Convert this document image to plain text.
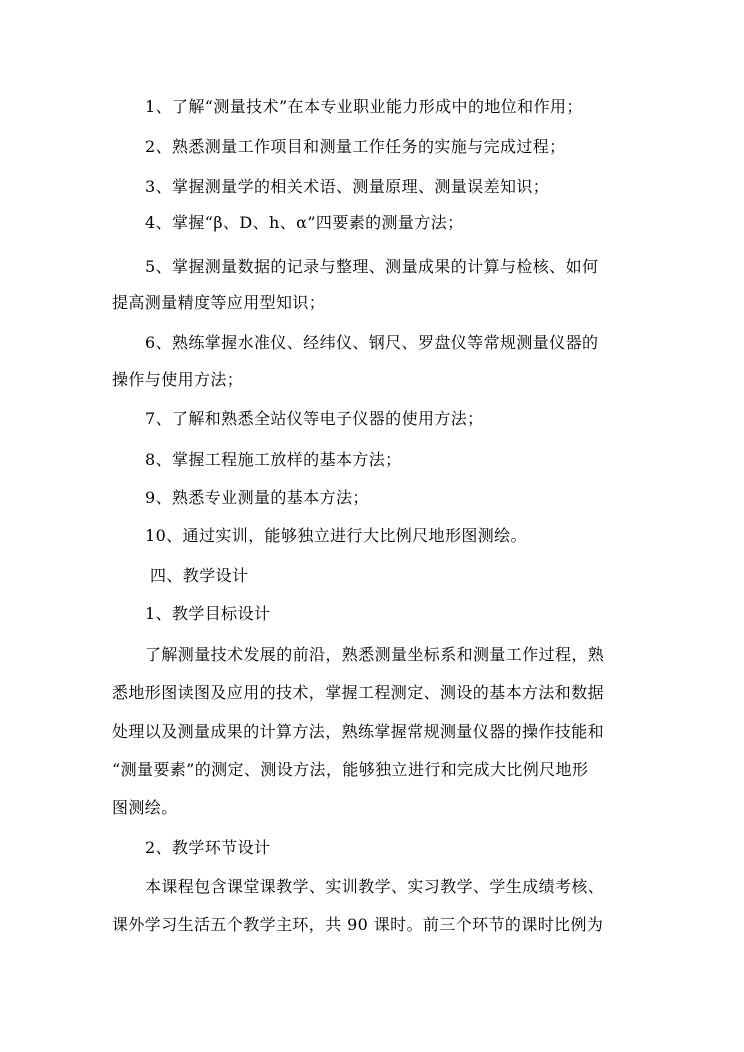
1、了解“测量技术”在本专业职业能力形成中的地位和作用；
2、熟悉测量工作项目和测量工作任务的实施与完成过程；
3、掌握测量学的相关术语、测量原理、测量误差知识；
4、掌握“β、D、h、α”四要素的测量方法；
5、掌握测量数据的记录与整理、测量成果的计算与检核、如何
提高测量精度等应用型知识；
6、熟练掌握水准仪、经纬仪、钢尺、罗盘仪等常规测量仪器的
操作与使用方法；
7、了解和熟悉全站仪等电子仪器的使用方法；
8、掌握工程施工放样的基本方法；
9、熟悉专业测量的基本方法；
10、通过实训，能够独立进行大比例尺地形图测绘。
四、教学设计
1、教学目标设计
了解测量技术发展的前沿，熟悉测量坐标系和测量工作过程，熟
悉地形图读图及应用的技术，掌握工程测定、测设的基本方法和数据
处理以及测量成果的计算方法，熟练掌握常规测量仪器的操作技能和
“测量要素”的测定、测设方法，能够独立进行和完成大比例尺地形
图测绘。
2、教学环节设计
本课程包含课堂课教学、实训教学、实习教学、学生成绩考核、
课外学习生活五个教学主环，共 90 课时。前三个环节的课时比例为
